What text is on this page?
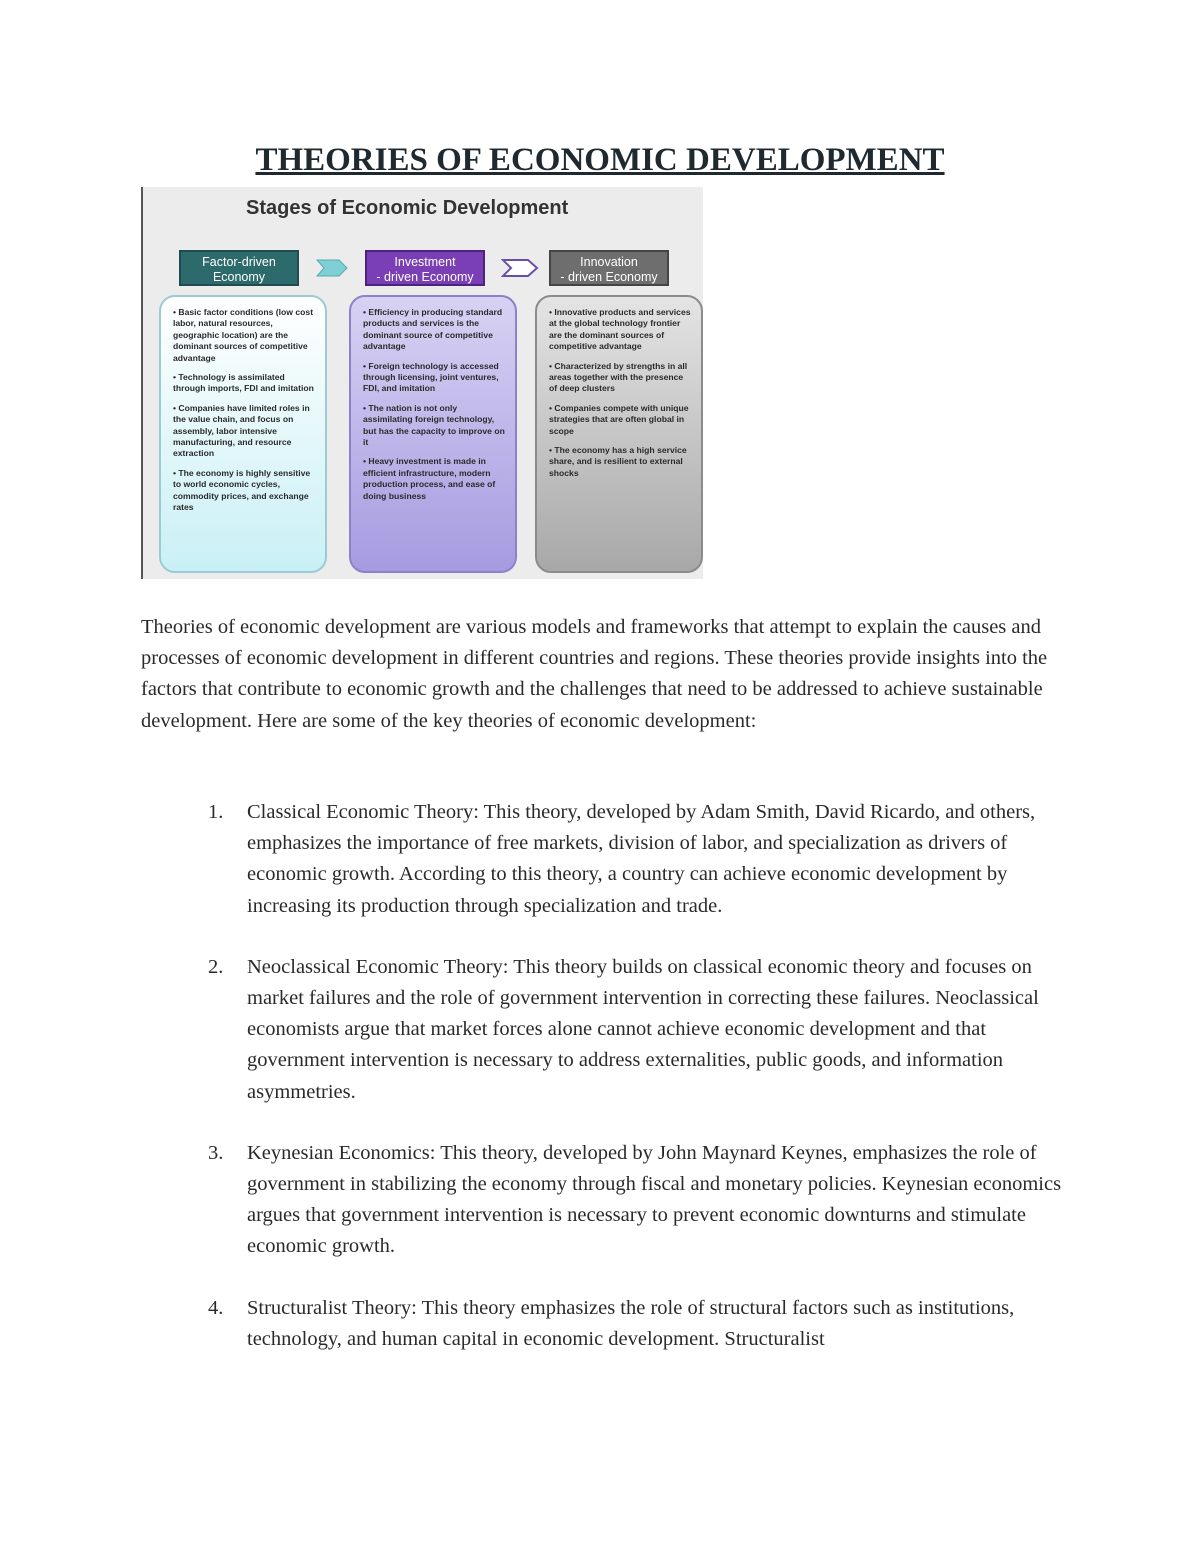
THEORIES OF ECONOMIC DEVELOPMENT
Stages of Economic Development
Factor-driven
Economy
Investment
- driven Economy
Innovation
- driven Economy

• Basic factor conditions (low cost labor, natural resources, geographic location) are the dominant sources of competitive advantage

• Technology is assimilated through imports, FDI and imitation

• Companies have limited roles in the value chain, and focus on assembly, labor intensive manufacturing, and resource extraction

• The economy is highly sensitive to world economic cycles, commodity prices, and exchange rates

• Efficiency in producing standard products and services is the dominant source of competitive advantage

• Foreign technology is accessed through licensing, joint ventures, FDI, and imitation

• The nation is not only assimilating foreign technology, but has the capacity to improve on it

• Heavy investment is made in efficient infrastructure, modern production process, and ease of doing business

• Innovative products and services at the global technology frontier are the dominant sources of competitive advantage

• Characterized by strengths in all areas together with the presence of deep clusters

• Companies compete with unique strategies that are often global in scope

• The economy has a high service share, and is resilient to external shocks

Theories of economic development are various models and frameworks that attempt to explain the causes and processes of economic development in different countries and regions. These theories provide insights into the factors that contribute to economic growth and the challenges that need to be addressed to achieve sustainable development. Here are some of the key theories of economic development:

1. Classical Economic Theory: This theory, developed by Adam Smith, David Ricardo, and others, emphasizes the importance of free markets, division of labor, and specialization as drivers of economic growth. According to this theory, a country can achieve economic development by increasing its production through specialization and trade.
2. Neoclassical Economic Theory: This theory builds on classical economic theory and focuses on market failures and the role of government intervention in correcting these failures. Neoclassical economists argue that market forces alone cannot achieve economic development and that government intervention is necessary to address externalities, public goods, and information asymmetries.
3. Keynesian Economics: This theory, developed by John Maynard Keynes, emphasizes the role of government in stabilizing the economy through fiscal and monetary policies. Keynesian economics argues that government intervention is necessary to prevent economic downturns and stimulate economic growth.
4. Structuralist Theory: This theory emphasizes the role of structural factors such as institutions, technology, and human capital in economic development. Structuralist
